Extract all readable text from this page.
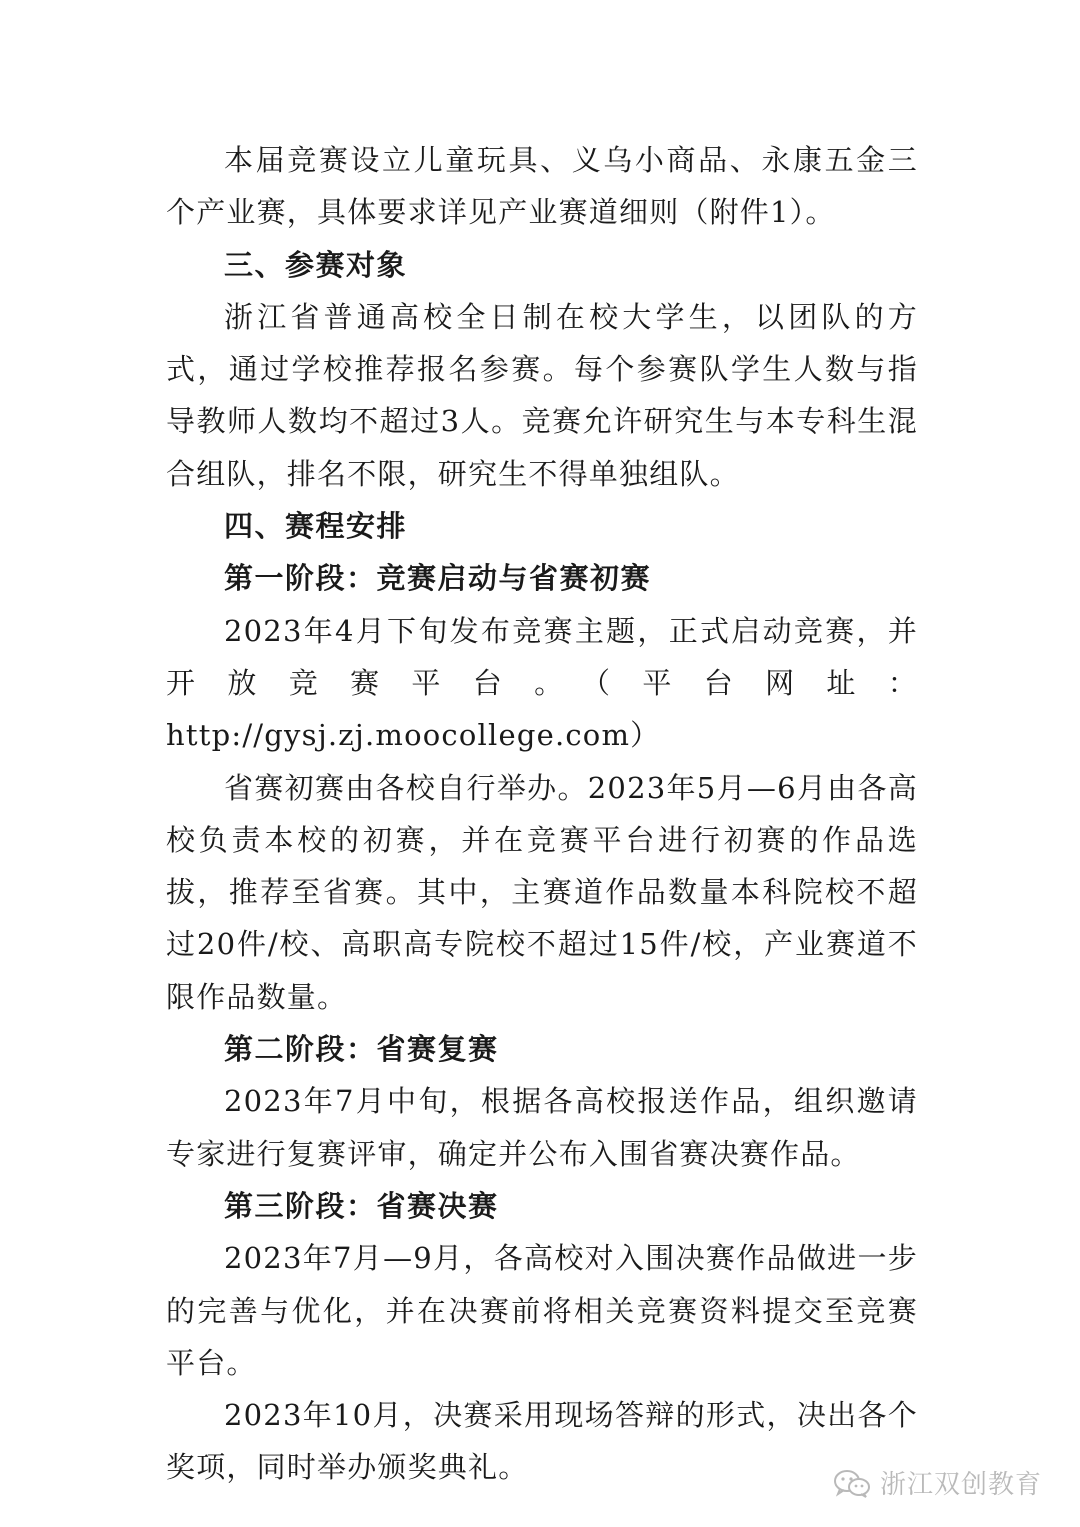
本届竞赛设立儿童玩具、义乌小商品、永康五金三个产业赛，具体要求详见产业赛道细则（附件1）。

三、参赛对象

浙江省普通高校全日制在校大学生，以团队的方式，通过学校推荐报名参赛。每个参赛队学生人数与指导教师人数均不超过3人。竞赛允许研究生与本专科生混合组队，排名不限，研究生不得单独组队。

四、赛程安排

第一阶段：竞赛启动与省赛初赛

2023年4月下旬发布竞赛主题，正式启动竞赛，并开放竞赛平台。（平台网址：http://gysj.zj.moocollege.com）

省赛初赛由各校自行举办。2023年5月—6月由各高校负责本校的初赛，并在竞赛平台进行初赛的作品选拔，推荐至省赛。其中，主赛道作品数量本科院校不超过20件/校、高职高专院校不超过15件/校，产业赛道不限作品数量。

第二阶段：省赛复赛

2023年7月中旬，根据各高校报送作品，组织邀请专家进行复赛评审，确定并公布入围省赛决赛作品。

第三阶段：省赛决赛

2023年7月—9月，各高校对入围决赛作品做进一步的完善与优化，并在决赛前将相关竞赛资料提交至竞赛平台。

2023年10月，决赛采用现场答辩的形式，决出各个奖项，同时举办颁奖典礼。

浙江双创教育
